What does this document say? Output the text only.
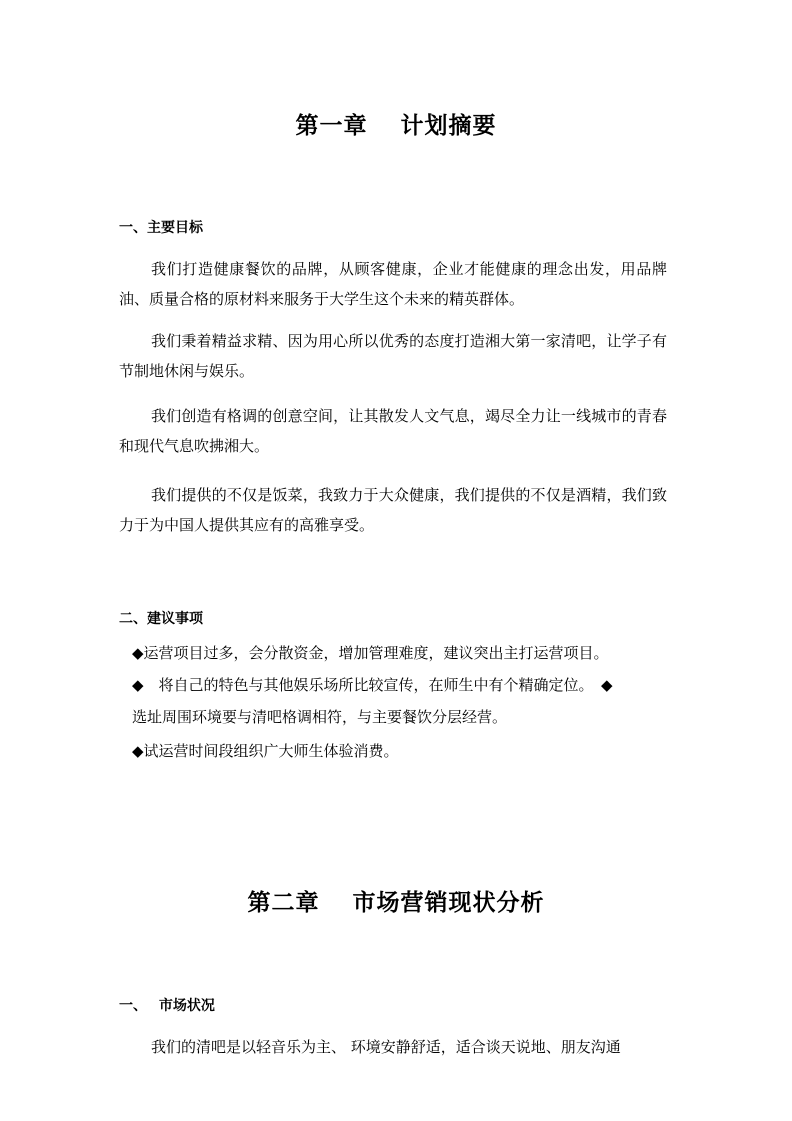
第一章　 计划摘要
一、主要目标
我们打造健康餐饮的品牌，从顾客健康，企业才能健康的理念出发，用品牌油、质量合格的原材料来服务于大学生这个未来的精英群体。
我们秉着精益求精、因为用心所以优秀的态度打造湘大第一家清吧，让学子有节制地休闲与娱乐。
我们创造有格调的创意空间，让其散发人文气息，竭尽全力让一线城市的青春和现代气息吹拂湘大。
我们提供的不仅是饭菜，我致力于大众健康，我们提供的不仅是酒精，我们致力于为中国人提供其应有的高雅享受。
二、建议事项
◆运营项目过多，会分散资金，增加管理难度，建议突出主打运营项目。
◆　将自己的特色与其他娱乐场所比较宣传，在师生中有个精确定位。　◆
选址周围环境要与清吧格调相符，与主要餐饮分层经营。
◆试运营时间段组织广大师生体验消费。
第二章　 市场营销现状分析
一、　 市场状况
我们的清吧是以轻音乐为主、 环境安静舒适，适合谈天说地、朋友沟通
